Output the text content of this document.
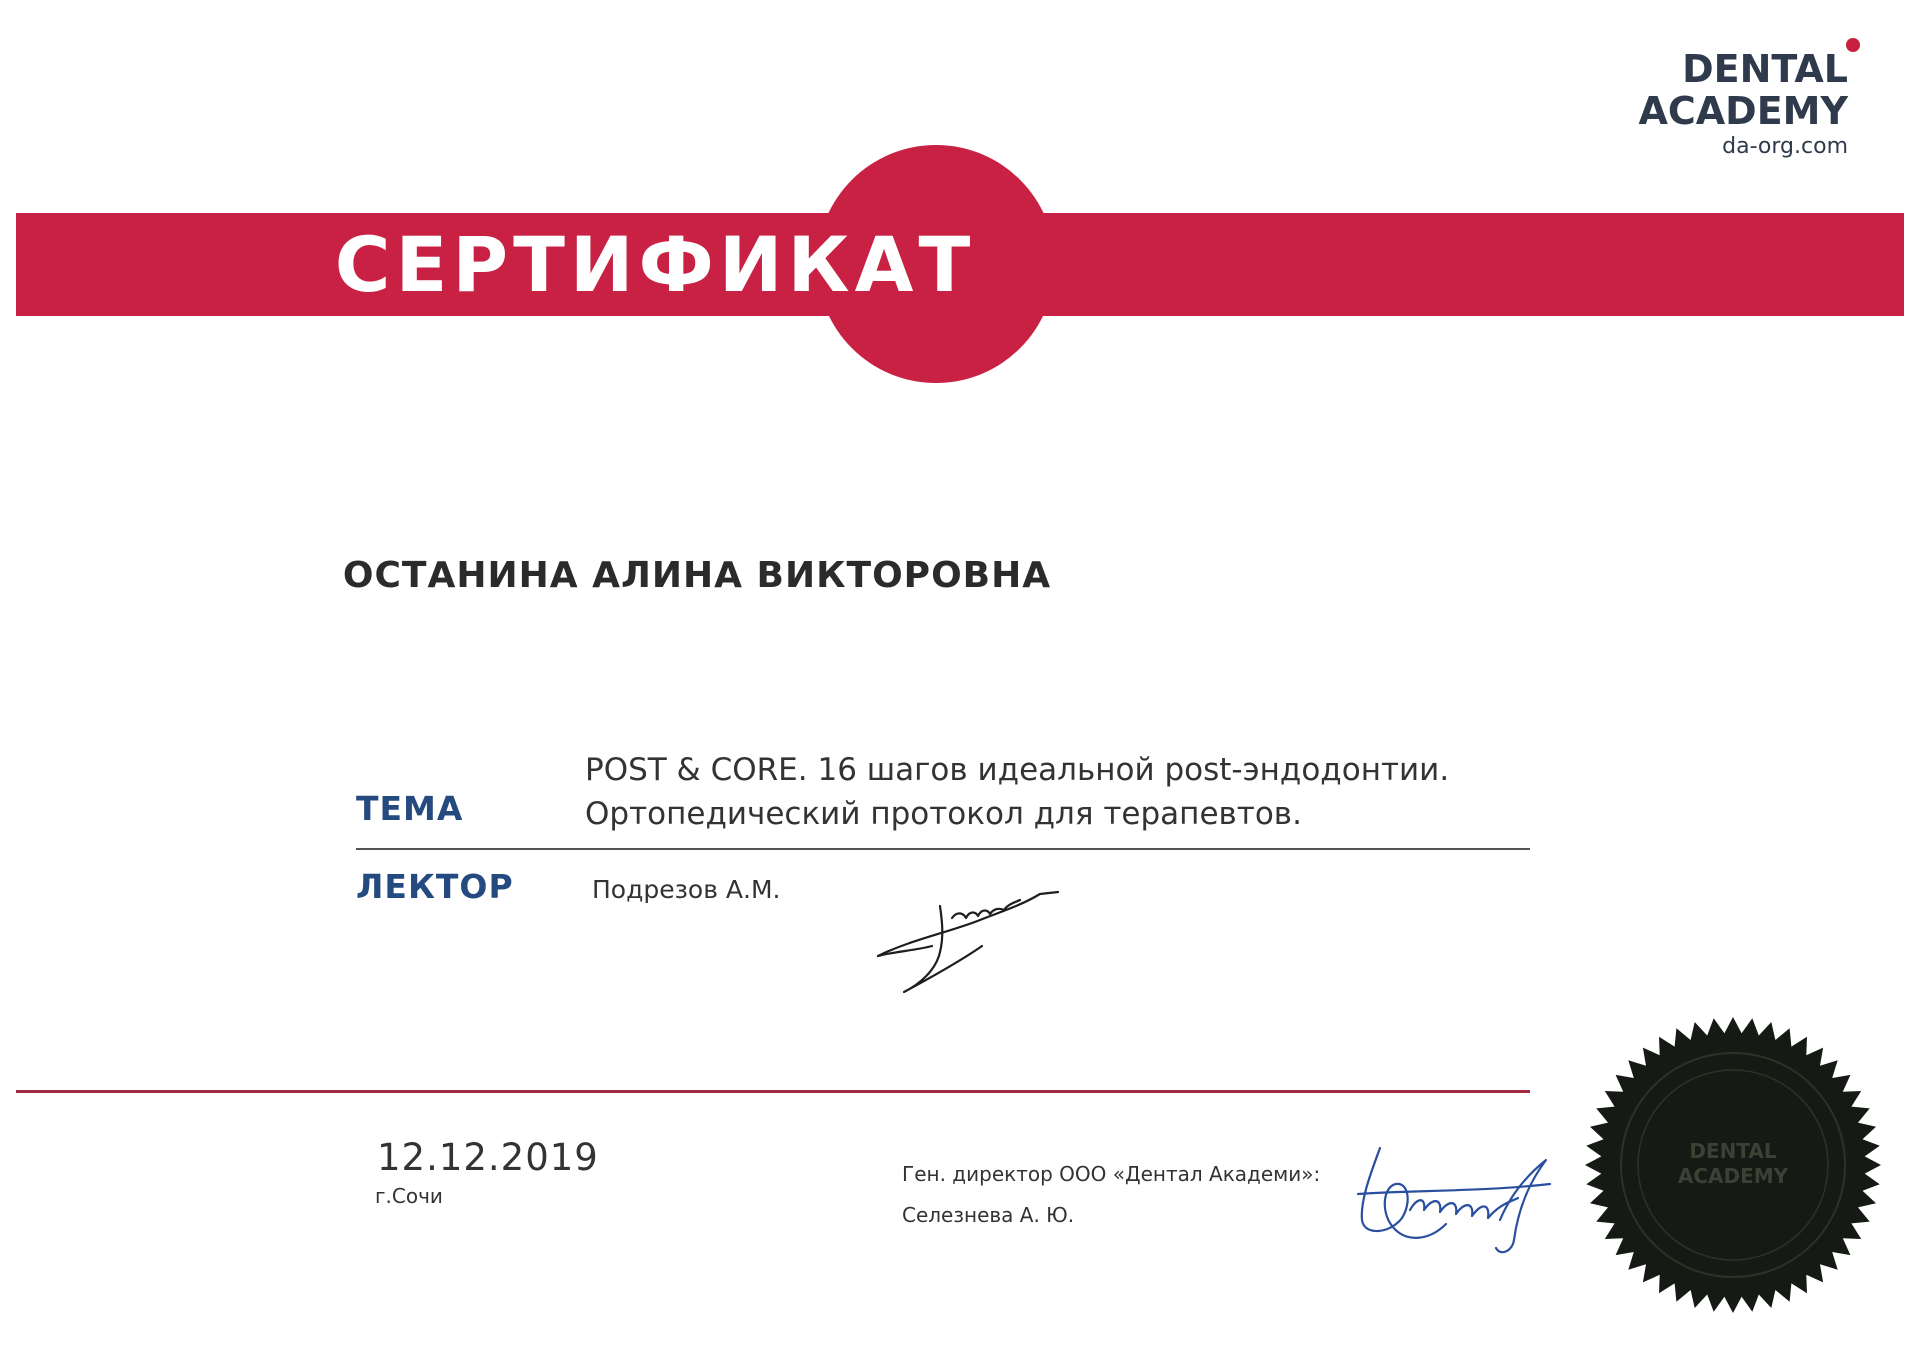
DENTAL
ACADEMY
da-org.com
СЕРТИФИКАТ
ОСТАНИНА АЛИНА ВИКТОРОВНА
ТЕМА
POST & CORE. 16 шагов идеальной post-эндодонтии.
Ортопедический протокол для терапевтов.
ЛЕКТОР	Подрезов А.М.
12.12.2019
г.Сочи
Ген. директор ООО «Дентал Академи»:
Селезнева А. Ю.
DENTAL
ACADEMY
